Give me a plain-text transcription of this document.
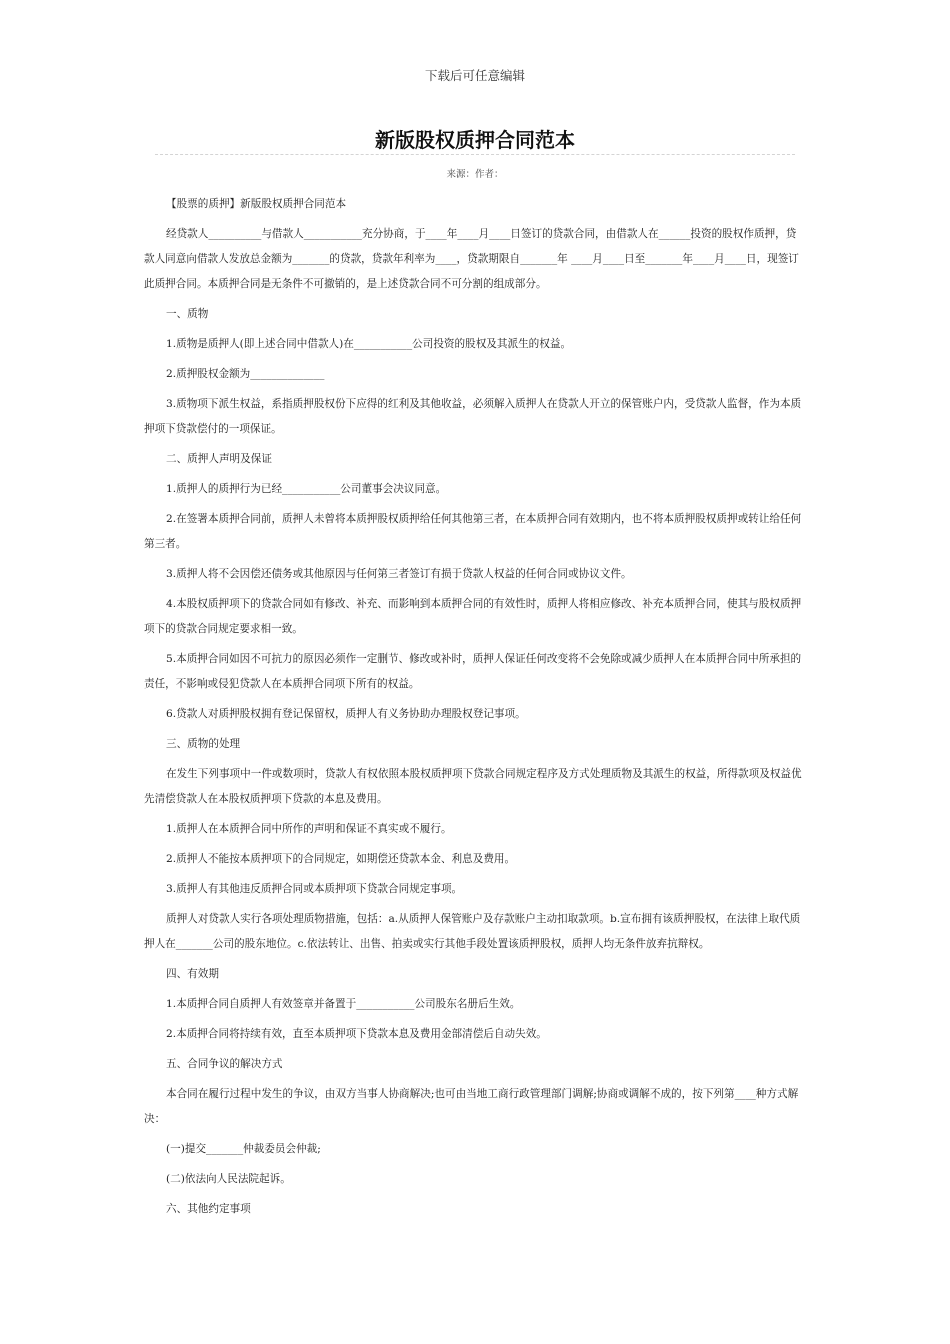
下载后可任意编辑
新版股权质押合同范本
来源：作者：

【股票的质押】新版股权质押合同范本

经贷款人__________与借款人___________充分协商，于____年____月____日签订的贷款合同，由借款人在______投资的股权作质押，贷款人同意向借款人发放总金额为_______的贷款，贷款年利率为____，贷款期限自_______年 ____月____日至_______年____月____日，现签订此质押合同。本质押合同是无条件不可撤销的，是上述贷款合同不可分割的组成部分。

一、质物

1.质物是质押人(即上述合同中借款人)在___________公司投资的股权及其派生的权益。

2.质押股权金额为______________

3.质物项下派生权益，系指质押股权份下应得的红利及其他收益，必须解入质押人在贷款人开立的保管账户内，受贷款人监督，作为本质押项下贷款偿付的一项保证。

二、质押人声明及保证

1.质押人的质押行为已经___________公司董事会决议同意。

2.在签署本质押合同前，质押人未曾将本质押股权质押给任何其他第三者，在本质押合同有效期内，也不将本质押股权质押或转让给任何第三者。

3.质押人将不会因偿还债务或其他原因与任何第三者签订有损于贷款人权益的任何合同或协议文件。

4.本股权质押项下的贷款合同如有修改、补充、而影响到本质押合同的有效性时，质押人将相应修改、补充本质押合同，使其与股权质押项下的贷款合同规定要求相一致。

5.本质押合同如因不可抗力的原因必须作一定删节、修改或补时，质押人保证任何改变将不会免除或减少质押人在本质押合同中所承担的责任，不影响或侵犯贷款人在本质押合同项下所有的权益。

6.贷款人对质押股权拥有登记保留权，质押人有义务协助办理股权登记事项。

三、质物的处理

在发生下列事项中一件或数项时，贷款人有权依照本股权质押项下贷款合同规定程序及方式处理质物及其派生的权益，所得款项及权益优先清偿贷款人在本股权质押项下贷款的本息及费用。

1.质押人在本质押合同中所作的声明和保证不真实或不履行。

2.质押人不能按本质押项下的合同规定，如期偿还贷款本金、利息及费用。

3.质押人有其他违反质押合同或本质押项下贷款合同规定事项。

质押人对贷款人实行各项处理质物措施，包括：a.从质押人保管账户及存款账户主动扣取款项。b.宣布拥有该质押股权，在法律上取代质押人在_______公司的股东地位。c.依法转让、出售、拍卖或实行其他手段处置该质押股权，质押人均无条件放弃抗辩权。

四、有效期

1.本质押合同自质押人有效签章并备置于___________公司股东名册后生效。

2.本质押合同将持续有效，直至本质押项下贷款本息及费用金部清偿后自动失效。

五、合同争议的解决方式

本合同在履行过程中发生的争议，由双方当事人协商解决;也可由当地工商行政管理部门调解;协商或调解不成的，按下列第____种方式解决：

(一)提交_______仲裁委员会仲裁;

(二)依法向人民法院起诉。

六、其他约定事项
